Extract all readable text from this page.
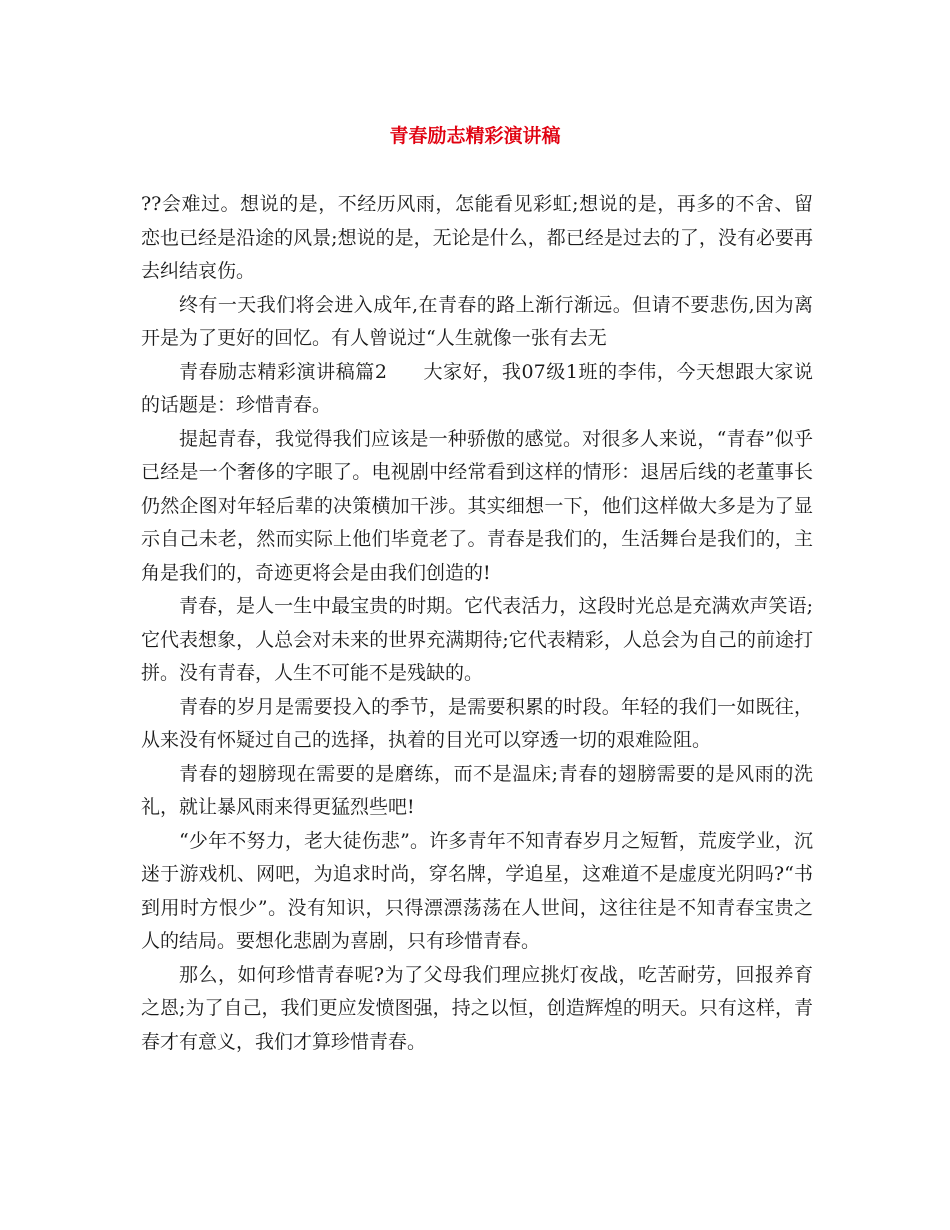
青春励志精彩演讲稿

??会难过。想说的是，不经历风雨，怎能看见彩虹;想说的是，再多的不舍、留恋也已经是沿途的风景;想说的是，无论是什么，都已经是过去的了，没有必要再去纠结哀伤。

终有一天我们将会进入成年,在青春的路上渐行渐远。但请不要悲伤,因为离开是为了更好的回忆。有人曾说过“人生就像一张有去无

青春励志精彩演讲稿篇2 大家好，我07级1班的李伟，今天想跟大家说的话题是：珍惜青春。

提起青春，我觉得我们应该是一种骄傲的感觉。对很多人来说，“青春”似乎已经是一个奢侈的字眼了。电视剧中经常看到这样的情形：退居后线的老董事长仍然企图对年轻后辈的决策横加干涉。其实细想一下，他们这样做大多是为了显示自己未老，然而实际上他们毕竟老了。青春是我们的，生活舞台是我们的，主角是我们的，奇迹更将会是由我们创造的!

青春，是人一生中最宝贵的时期。它代表活力，这段时光总是充满欢声笑语;它代表想象，人总会对未来的世界充满期待;它代表精彩，人总会为自己的前途打拼。没有青春，人生不可能不是残缺的。

青春的岁月是需要投入的季节，是需要积累的时段。年轻的我们一如既往，从来没有怀疑过自己的选择，执着的目光可以穿透一切的艰难险阻。

青春的翅膀现在需要的是磨练，而不是温床;青春的翅膀需要的是风雨的洗礼，就让暴风雨来得更猛烈些吧!

“少年不努力，老大徒伤悲”。许多青年不知青春岁月之短暂，荒废学业，沉迷于游戏机、网吧，为追求时尚，穿名牌，学追星，这难道不是虚度光阴吗?“书到用时方恨少”。没有知识，只得漂漂荡荡在人世间，这往往是不知青春宝贵之人的结局。要想化悲剧为喜剧，只有珍惜青春。

那么，如何珍惜青春呢?为了父母我们理应挑灯夜战，吃苦耐劳，回报养育之恩;为了自己，我们更应发愤图强，持之以恒，创造辉煌的明天。只有这样，青春才有意义，我们才算珍惜青春。
